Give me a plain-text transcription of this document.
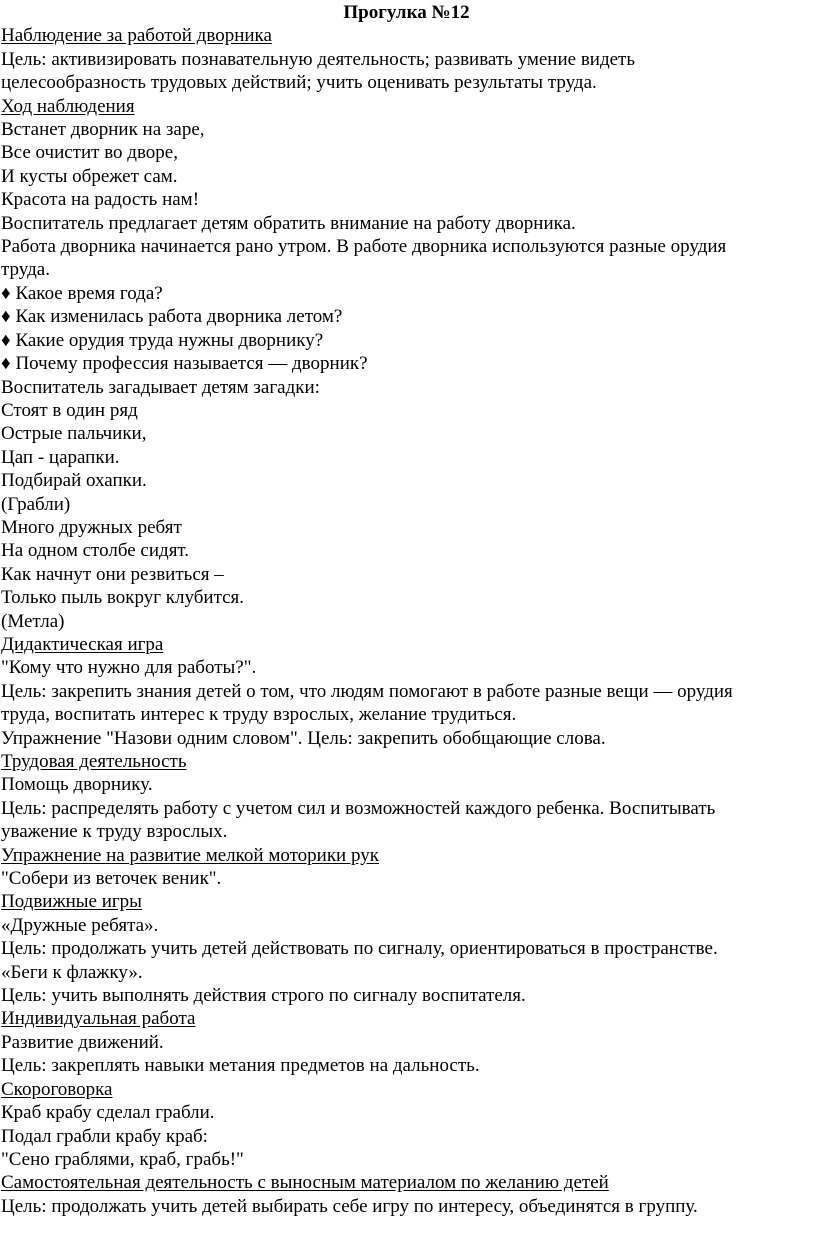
Прогулка №12

Наблюдение за работой дворника

Цель: активизировать познавательную деятельность; развивать умение видеть

целесообразность трудовых действий; учить оценивать результаты труда.

Ход наблюдения

Встанет дворник на заре,

Все очистит во дворе,

И кусты обрежет сам.

Красота на радость нам!

Воспитатель предлагает детям обратить внимание на работу дворника.

Работа дворника начинается рано утром. В работе дворника используются разные орудия

труда.

♦ Какое время года?

♦ Как изменилась работа дворника летом?

♦ Какие орудия труда нужны дворнику?

♦ Почему профессия называется — дворник?

Воспитатель загадывает детям загадки:

Стоят в один ряд

Острые пальчики,

Цап - царапки.

Подбирай охапки.

(Грабли)

Много дружных ребят

На одном столбе сидят.

Как начнут они резвиться –

Только пыль вокруг клубится.

(Метла)

Дидактическая игра

"Кому что нужно для работы?".

Цель: закрепить знания детей о том, что людям помогают в работе разные вещи — орудия

труда, воспитать интерес к труду взрослых, желание трудиться.

Упражнение "Назови одним словом". Цель: закрепить обобщающие слова.

Трудовая деятельность

Помощь дворнику.

Цель: распределять работу с учетом сил и возможностей каждого ребенка. Воспитывать

уважение к труду взрослых.

Упражнение на развитие мелкой моторики рук

"Собери из веточек веник".

Подвижные игры

«Дружные ребята».

Цель: продолжать учить детей действовать по сигналу, ориентироваться в пространстве.

«Беги к флажку».

Цель: учить выполнять действия строго по сигналу воспитателя.

Индивидуальная работа

Развитие движений.

Цель: закреплять навыки метания предметов на дальность.

Скороговорка

Краб крабу сделал грабли.

Подал грабли крабу краб:

"Сено граблями, краб, грабь!"

Самостоятельная деятельность с выносным материалом по желанию детей

Цель: продолжать учить детей выбирать себе игру по интересу, объединятся в группу.
